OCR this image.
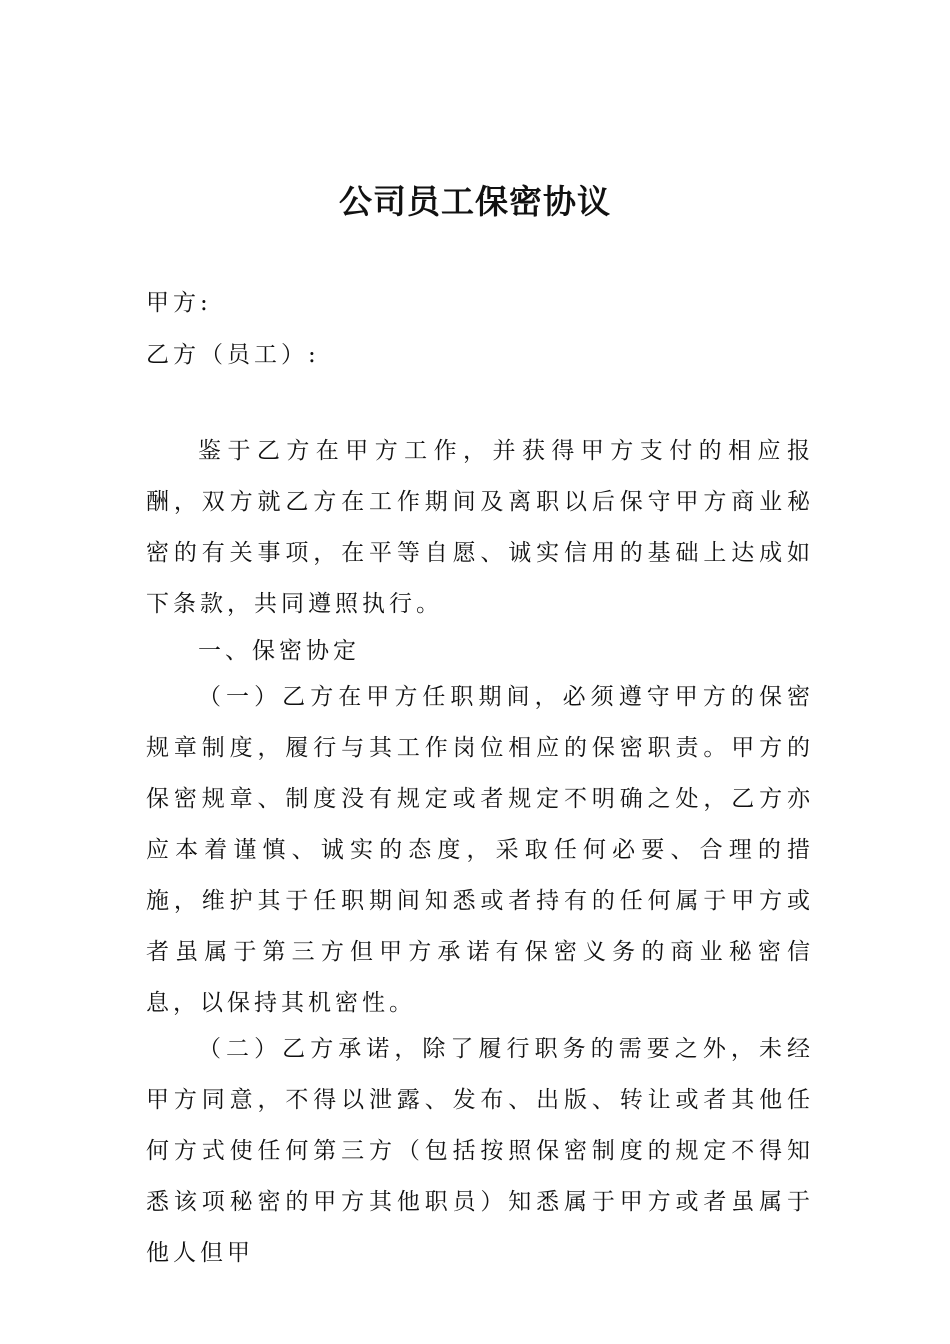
公司员工保密协议
甲方:
乙方（员工）:
鉴于乙方在甲方工作，并获得甲方支付的相应报酬，双方就乙方在工作期间及离职以后保守甲方商业秘密的有关事项，在平等自愿、诚实信用的基础上达成如下条款，共同遵照执行。
一、保密协定
（一）乙方在甲方任职期间，必须遵守甲方的保密规章制度，履行与其工作岗位相应的保密职责。甲方的保密规章、制度没有规定或者规定不明确之处，乙方亦应本着谨慎、诚实的态度，采取任何必要、合理的措施，维护其于任职期间知悉或者持有的任何属于甲方或者虽属于第三方但甲方承诺有保密义务的商业秘密信息，以保持其机密性。
（二）乙方承诺，除了履行职务的需要之外，未经甲方同意，不得以泄露、发布、出版、转让或者其他任何方式使任何第三方（包括按照保密制度的规定不得知悉该项秘密的甲方其他职员）知悉属于甲方或者虽属于他人但甲
